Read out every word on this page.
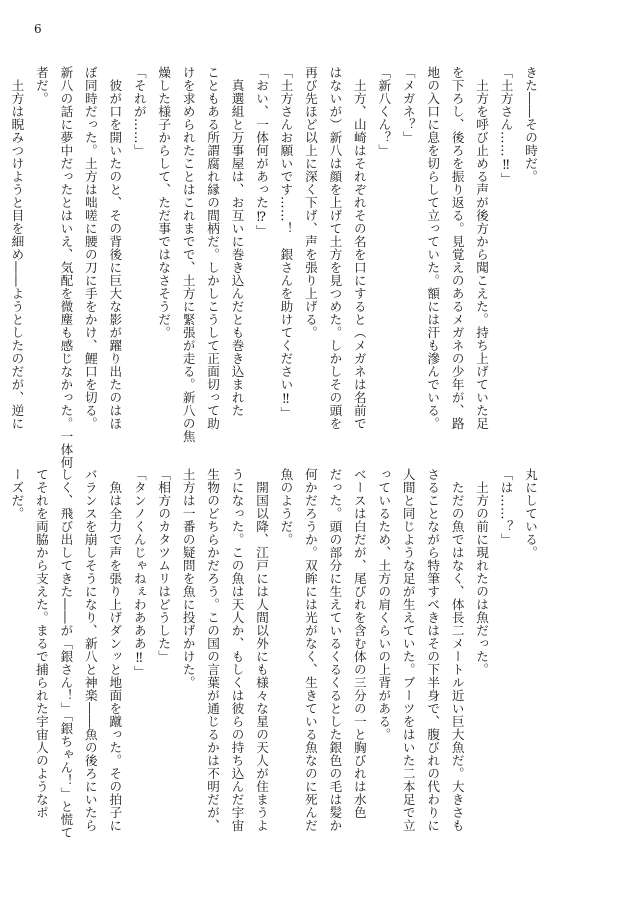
6
きた――その時だ。
「土方さん……‼」
　土方を呼び止める声が後方から聞こえた。持ち上げていた足
を下ろし、後ろを振り返る。見覚えのあるメガネの少年が、路
地の入口に息を切らして立っていた。額には汗も滲んでいる。
「メガネ？」
「新八くん？」
　土方、山崎はそれぞれその名を口にすると（メガネは名前で
はないが）新八は顔を上げて土方を見つめた。しかしその頭を
再び先ほど以上に深く下げ、声を張り上げる。
「土方さんお願いです……！　銀さんを助けてください‼」
「おい、一体何があった⁉」
　真選組と万事屋は、お互いに巻き込んだとも巻き込まれた
こともある所謂腐れ縁の間柄だ。しかしこうして正面切って助
けを求められたことはこれまでで、土方に緊張が走る。新八の焦
燥した様子からして、ただ事ではなさそうだ。
「それが……」
　彼が口を開いたのと、その背後に巨大な影が躍り出たのはほ
ぼ同時だった。土方は咄嗟に腰の刀に手をかけ、鯉口を切る。
新八の話に夢中だったとはいえ、気配を微塵も感じなかった。一体何
者だ。
　土方は睨みつけようと目を細め――ようとしたのだが、逆に
丸にしている。
「は……？」
　土方の前に現れたのは魚だった。
　ただの魚ではなく、体長二メートル近い巨大魚だ。大きさも
さることながら特筆すべきはその下半身で、腹びれの代わりに
人間と同じような足が生えていた。ブーツをはいた二本足で立
っているため、土方の肩くらいの上背がある。
ベースは白だが、尾びれを含む体の三分の一と胸びれは水色
だった。頭の部分に生えているくるくるとした銀色の毛は髪か
何かだろうか。双眸には光がなく、生きている魚なのに死んだ
魚のようだ。
　開国以降、江戸には人間以外にも様々な星の天人が住まうよ
うになった。この魚は天人か、もしくは彼らの持ち込んだ宇宙
生物のどちらかだろう。この国の言葉が通じるかは不明だが、
土方は一番の疑問を魚に投げかけた。
「相方のカタツムリはどうした」
「タンノくんじゃねぇわあああ‼」
　魚は全力で声を張り上げダンッと地面を蹴った。その拍子に
バランスを崩しそうになり、新八と神楽――魚の後ろにいたら
しく、飛び出してきた――が「銀さん！」「銀ちゃん！」と慌て
てそれを両脇から支えた。まるで捕られた宇宙人のようなポ
ーズだ。
